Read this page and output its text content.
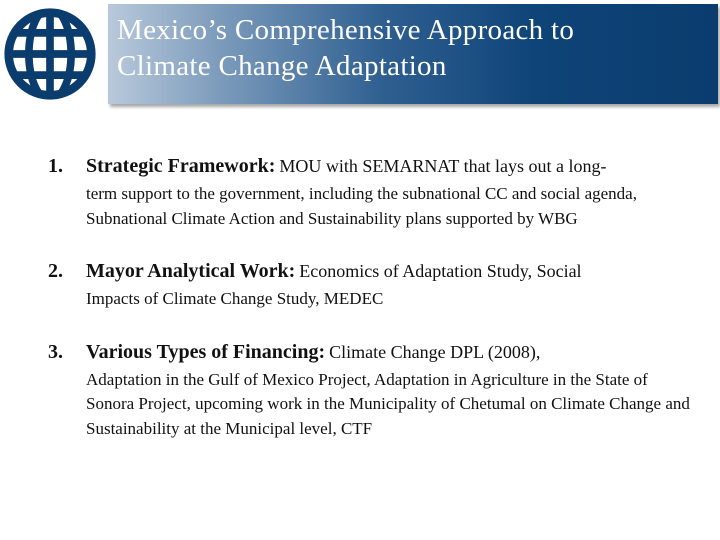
Mexico’s Comprehensive Approach to
Climate Change Adaptation
1. Strategic Framework: MOU with SEMARNAT that lays out a long-
term support to the government, including the subnational CC and social agenda, Subnational Climate Action and Sustainability plans supported by WBG
2. Mayor Analytical Work: Economics of Adaptation Study, Social
Impacts of Climate Change Study, MEDEC
3. Various Types of Financing: Climate Change DPL (2008),
Adaptation in the Gulf of Mexico Project, Adaptation in Agriculture in the State of Sonora Project, upcoming work in the Municipality of Chetumal on Climate Change and Sustainability at the Municipal level, CTF
